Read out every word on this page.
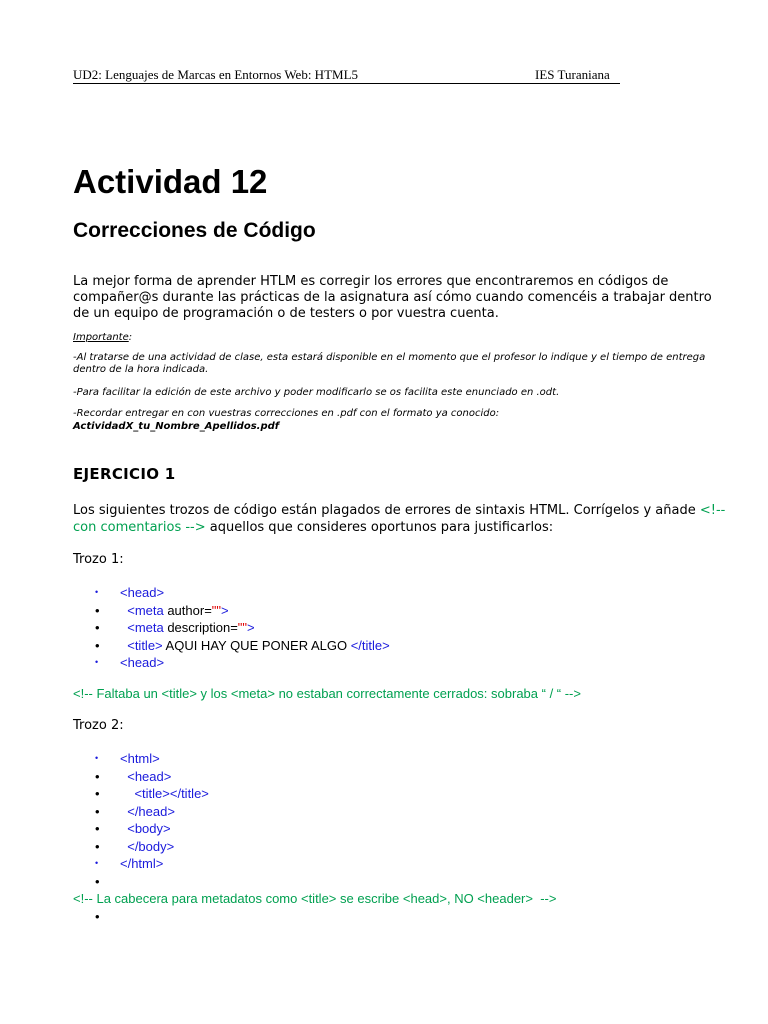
UD2: Lenguajes de Marcas en Entornos Web: HTML5	IES Turaniana
Actividad 12
Correcciones de Código

La mejor forma de aprender HTLM es corregir los errores que encontraremos en códigos de compañer@s durante las prácticas de la asignatura así cómo cuando comencéis a trabajar dentro de un equipo de programación o de testers o por vuestra cuenta.

Importante:

-Al tratarse de una actividad de clase, esta estará disponible en el momento que el profesor lo indique y el tiempo de entrega dentro de la hora indicada.

-Para facilitar la edición de este archivo y poder modificarlo se os facilita este enunciado en .odt.

-Recordar entregar en con vuestras correcciones en .pdf con el formato ya conocido:
ActividadX_tu_Nombre_Apellidos.pdf

EJERCICIO 1

Los siguientes trozos de código están plagados de errores de sintaxis HTML. Corrígelos y añade <!-- con comentarios --> aquellos que consideres oportunos para justificarlos:

Trozo 1:

•	<head>
•	<meta author="">
•	<meta description="">
•	<title> AQUI HAY QUE PONER ALGO </title>
•	<head>

<!-- Faltaba un <title> y los <meta> no estaban correctamente cerrados: sobraba “ / “ -->

Trozo 2:

•	<html>
•	<head>
•	<title></title>
•	</head>
•	<body>
•	</body>
•	</html>
•

<!-- La cabecera para metadatos como <title> se escribe <head>, NO <header>  -->

•
